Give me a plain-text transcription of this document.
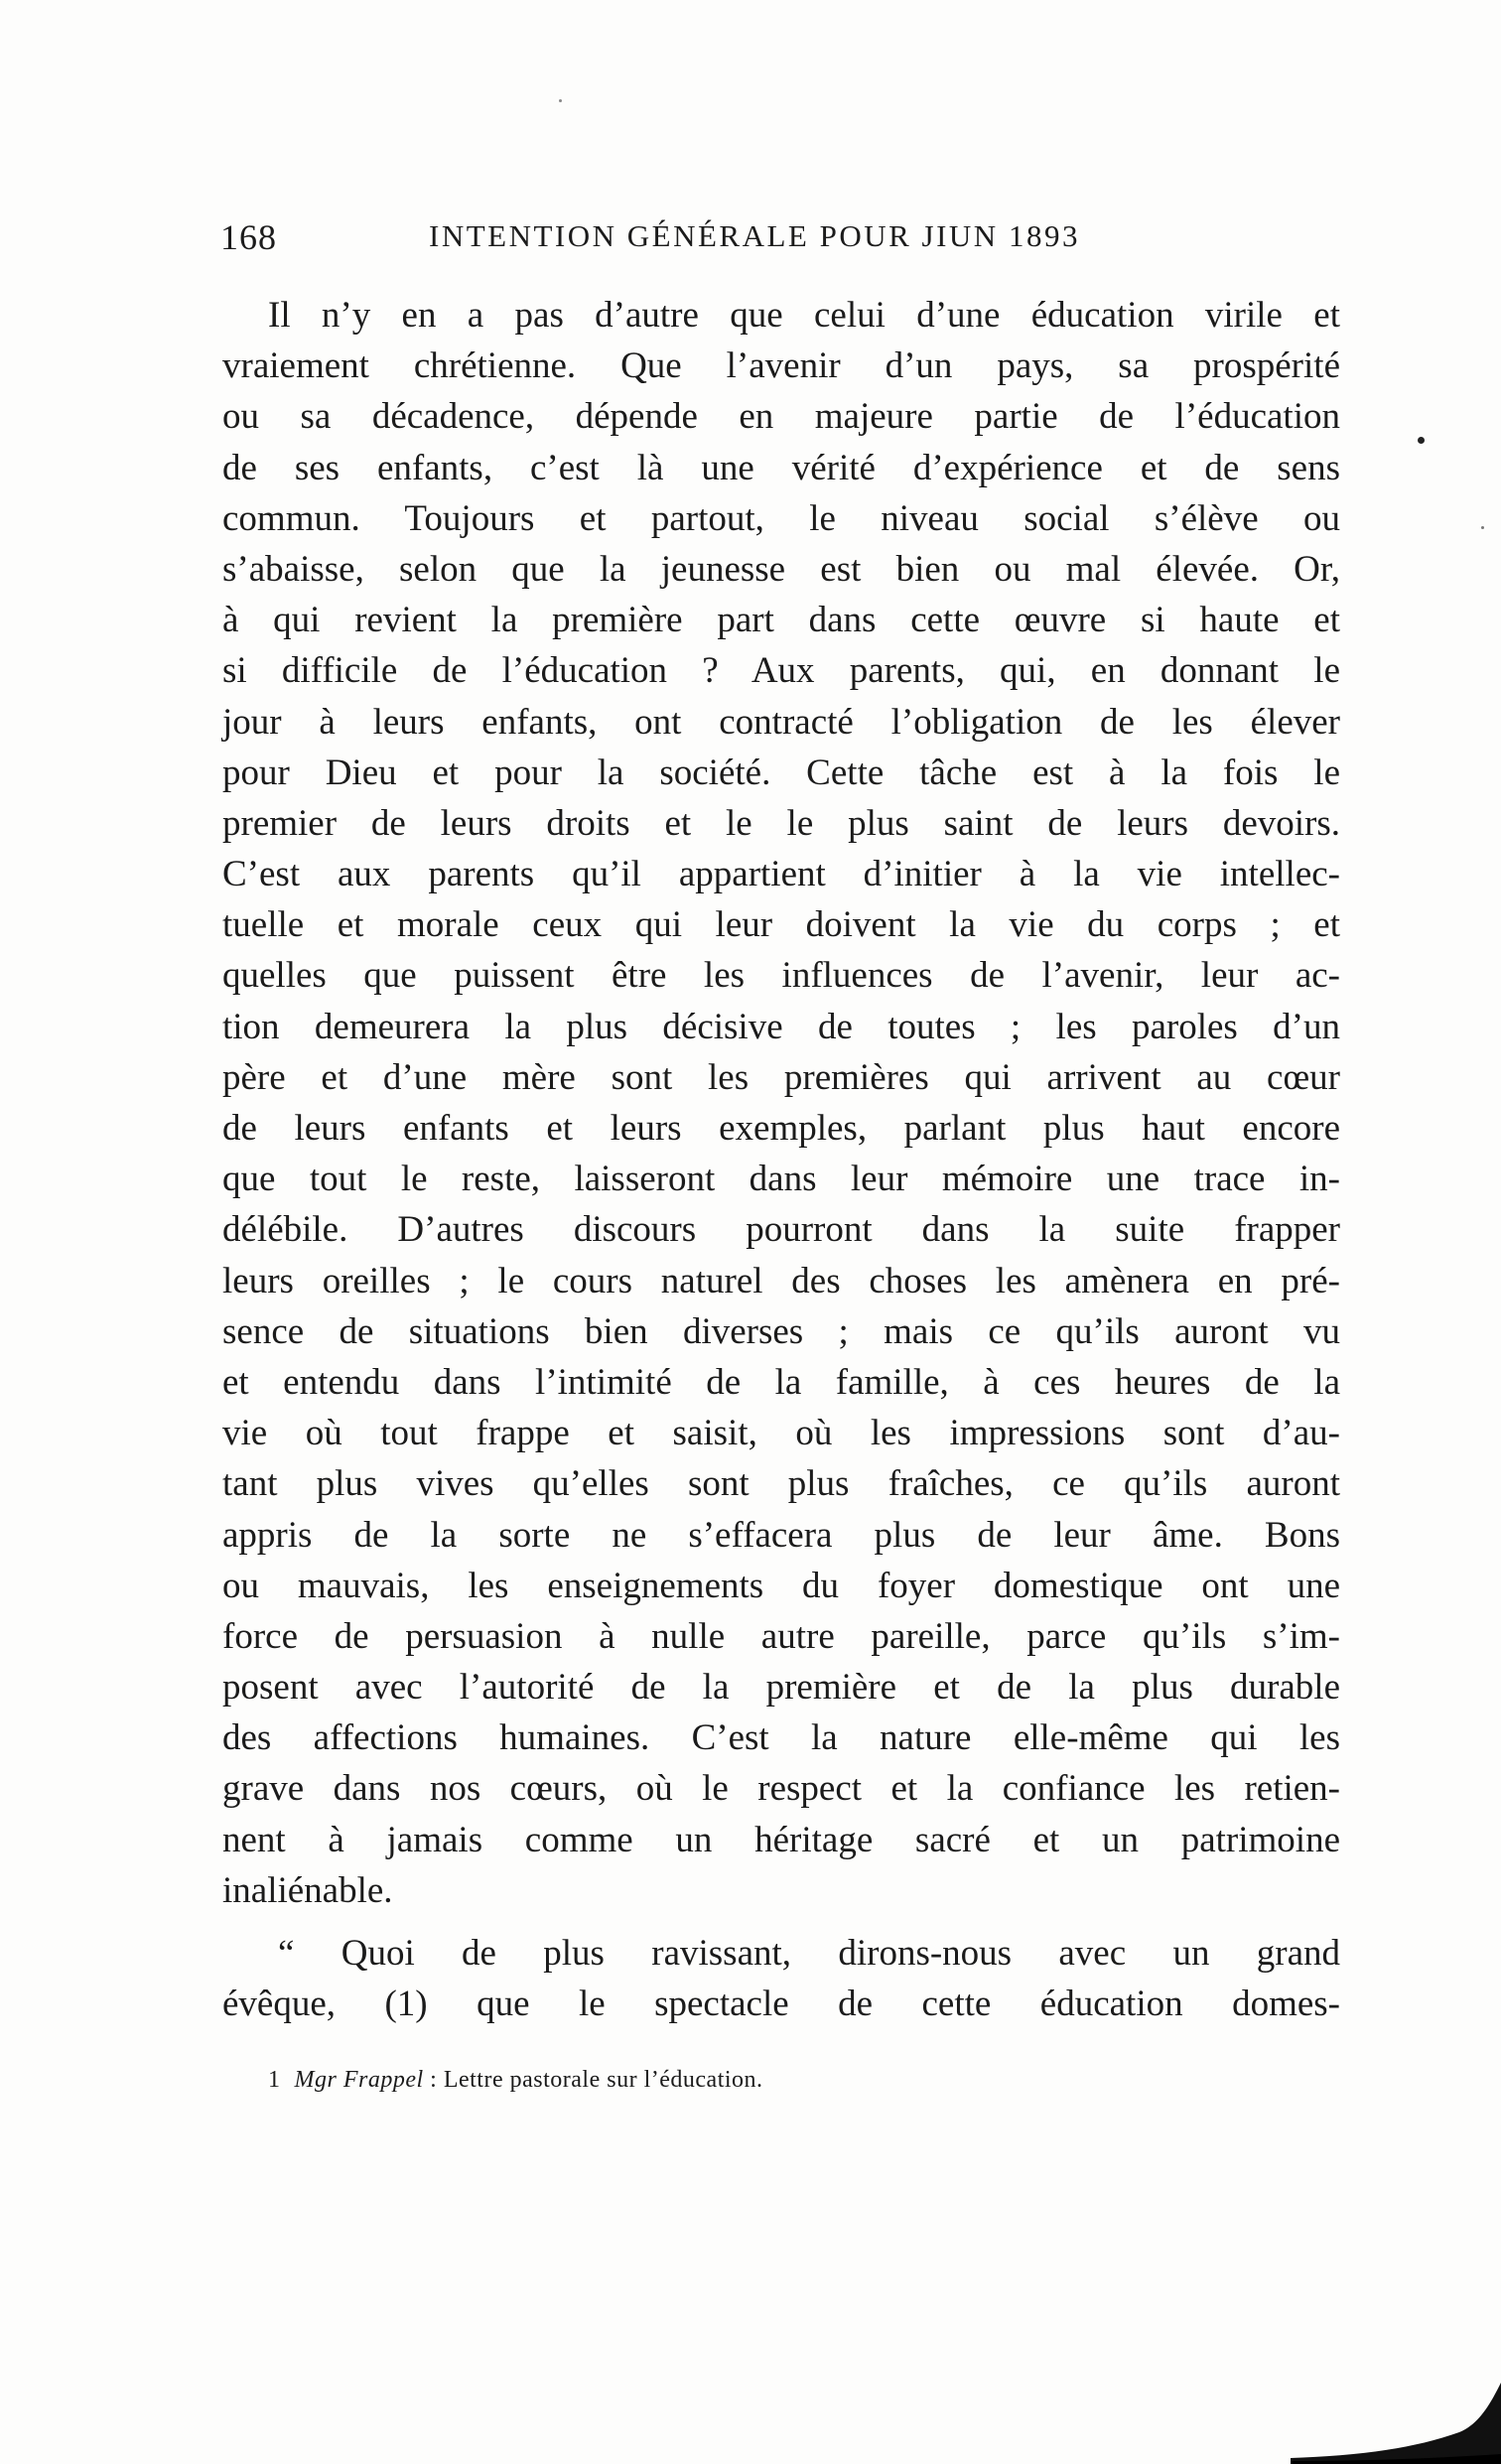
168	INTENTION GÉNÉRALE POUR JIUN 1893
Il n’y en a pas d’autre que celui d’une éducation virile et
vraiement chrétienne. Que l’avenir d’un pays, sa prospérité
ou sa décadence, dépende en majeure partie de l’éducation
de ses enfants, c’est là une vérité d’expérience et de sens
commun. Toujours et partout, le niveau social s’élève ou
s’abaisse, selon que la jeunesse est bien ou mal élevée. Or,
à qui revient la première part dans cette œuvre si haute et
si difficile de l’éducation ? Aux parents, qui, en donnant le
jour à leurs enfants, ont contracté l’obligation de les élever
pour Dieu et pour la société. Cette tâche est à la fois le
premier de leurs droits et le le plus saint de leurs devoirs.
C’est aux parents qu’il appartient d’initier à la vie intellec-
tuelle et morale ceux qui leur doivent la vie du corps ; et
quelles que puissent être les influences de l’avenir, leur ac-
tion demeurera la plus décisive de toutes ; les paroles d’un
père et d’une mère sont les premières qui arrivent au cœur
de leurs enfants et leurs exemples, parlant plus haut encore
que tout le reste, laisseront dans leur mémoire une trace in-
délébile. D’autres discours pourront dans la suite frapper
leurs oreilles ; le cours naturel des choses les amènera en pré-
sence de situations bien diverses ; mais ce qu’ils auront vu
et entendu dans l’intimité de la famille, à ces heures de la
vie où tout frappe et saisit, où les impressions sont d’au-
tant plus vives qu’elles sont plus fraîches, ce qu’ils auront
appris de la sorte ne s’effacera plus de leur âme. Bons
ou mauvais, les enseignements du foyer domestique ont une
force de persuasion à nulle autre pareille, parce qu’ils s’im-
posent avec l’autorité de la première et de la plus durable
des affections humaines. C’est la nature elle-même qui les
grave dans nos cœurs, où le respect et la confiance les retien-
nent à jamais comme un héritage sacré et un patrimoine
inaliénable.
“ Quoi de plus ravissant, dirons-nous avec un grand
évêque, (1) que le spectacle de cette éducation domes-
1 Mgr Frappel : Lettre pastorale sur l’éducation.
